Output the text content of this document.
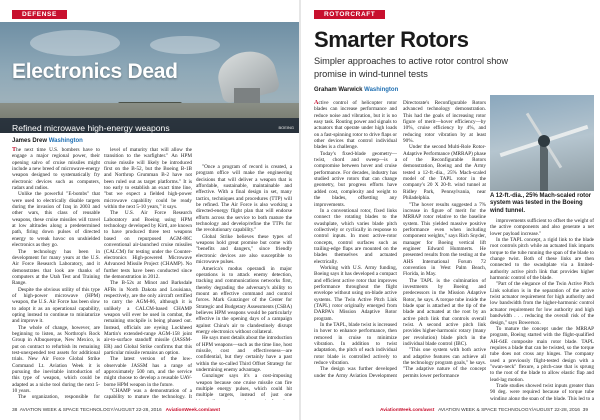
Electronics Dead

Refined microwave high-energy weapons	BOEING
DEFENSE
James Drew Washington

The next time U.S. bombers have to engage a major regional power, their opening salvo of cruise missiles might include a new breed of microwave-energy weapon designed to systematically fry electronic devices such as computers, radars and radios.

Unlike the powerful "E-bombs" that were used to electrically disable targets during the invasion of Iraq in 2003 and other wars, this class of reusable weapons, these cruise missiles will travel at low altitudes along a predetermined path, firing down pulses of directed energy to wreak havoc on unshielded electronics as they go.

The technology has been in development for many years at the U.S. Air Force Research Laboratory, and it demonstrates that look are thanks of computers at the Utah Test and Training Range.

Despite the obvious utility of this type of high-power microwave (HPM) weapon, the U.S. Air Force has been slow to adopt it as an operational capability, opting instead to continue to miniaturize and improve it.

The whole of change, however, are beginning to listen, as Northrop's Rock Group in Albuquerque, New Mexico, is put on contract to refurbish its remaining test-unexpended test assets for additional trials. New Air Force Global Strike Command Lt. Aviation Week it is pursuing the inevitable introduction of this type of weapon, which could be adapted as a niche tool during the next 5-10 years.

The organization, responsible for

level of maturity that will allow the transition to the warfighter." An HPM cruise missile will likely be introduced first on the B-52, but the Boeing B-1B and Northrop Grumman B-2 have not been ruled out as target platforms." It is too early to establish an exact time line, "but we expect a fielded high-power microwave capability could be ready within the next 5-10 years," it says.

The U.S. Air Force Research Laboratory and Boeing using HPM technology developed by Kirtl, are known to have produced three test weapons based on repurposed AGM-86C conventional air-launched cruise missiles (CALCM) for testing under the Counter-electronics High-powered Microwave Advanced Missile Project (CHAMP). No further tests have been conducted since the demonstration in 2012.

The B-52s at Minot and Barksdale AFBs in North Dakota and Louisiana, respectively, are the only aircraft certified to carry the AGM-86, although it is unlikely a CALCM-based CHAMP weapon will ever be used in combat, the remaining stockpile is being phased out. Instead, officials are eyeing Lockheed Martin's extended-range AGM-158 joint air-to-surface standoff missile (JASSM-ER) and Global Strike confirms that this particular missile remains an option.

The latest version of the low-observable JASSM has a range of approximately 500 nm, and the service might choose to develop a reusable UAV-borne HPM weapon in the future.

"CHAMP was a demonstration of a capability to mature the technology. It

"Once a program of record is created, a program office will make the engineering decisions that will deliver a weapon that is affordable, sustainable, maintainable and effective. With a final design in set, many tactics, techniques and procedures (TTP) will be refined. The Air Force is also working a directed-energy flight plan that will endorse efforts across the service to both mature the technology and develop/refine the TTPs for the revolutionary capability."

Global Strike believes these types of weapons hold great promise but come with "benefits and dangers," since friendly electronic devices are also susceptible to microwave pulses.

America's modus operandi in major operations is to attack enemy detection, tracking and communications networks first, thereby degrading the adversary's ability to mount an effective command and control forces. Mark Gunzinger of the Center for Strategic and Budgetary Assessments (CSBA) believes HPM weapons would be particularly effective in the opening days of a campaign against China's air to clandestinely disrupt energy electronics without collateral.

He says most details about the introduction of HPM weapons—such as the time line, host missile, cost and effectiveness—are confidential, but they certainly have a past within the so-called Third Offset Strategy for undermining enemy advantage.

Gunzinger says it's a cost-imposing weapon because one cruise missile can fire multiple energy pulses, which could hit multiple targets, instead of just one

38 AVIATION WEEK & SPACE TECHNOLOGY/AUGUST 22-28, 2016 AviationWeek.com/awst
ROTORCRAFT
Smarter Rotors
Simpler approaches to active rotor control show promise in wind-tunnel tests
Graham Warwick Washington

Active control of helicopter rotor blades can increase performance and reduce noise and vibration, but it is no easy task. Routing power and signals to actuators that operate under high loads on a fast-spinning rotor to drive flaps or other devices that control individual blades is a challenge.

Today's fixed-blade geometry—twist, chord and sweep—is a compromise between hover and cruise performance. For decades, industry has studied active rotors that can change geometry, but progress efforts have added cost, complexity and weight to the blades, offsetting any improvements.

In a conventional rotor, fixed links connect the rotating blades to the swashplate, which varies blade pitch collectively or cyclically in response to control inputs. In most active-rotor concepts, control surfaces such as trailing-edge flaps are mounted on the blades themselves and actuated electrically.

Working with U.S. Army funding, Boeing says it has developed a compact and efficient active rotor that improves performance throughout the flight envelope without using on-blade active systems. The Twin Active Pitch Link (TAPL) rotor originally emerged from DARPA's Mission Adaptive Rotor program.

In the TAPL, blade twist is increased in hover to enhance performance, then removed in cruise to minimize vibration. In addition to twist adaptation, the pitch of each individual rotor blade is controlled actively to reduce vibration.

The design was further developed under the Army Aviation Development Directorate's Reconfigurable Rotors advanced technology demonstration. This had the goals of increasing rotor figure of merit—hover efficiency—by 10%, cruise efficiency by 4%, and reducing rotor vibration by at least 90%.

Under the second Multi-Role Rotor-Adaptive Performance (MRRAP) phase of the Reconfigurable Rotors demonstration, Boeing and the Army tested a 12-ft.-dia., 25% Mach-scaled model of the TAPL rotor in the company's 20 X 20-ft. wind tunnel at Ridley Park, Pennsylvania, near Philadelphia.

"The hover results suggested a 7% increase in figure of merit for the MRRAP rotor relative to the baseline system. This yielded massive positive performance even when including component weights," says Rich Snyder, manager for Boeing vertical lift engineer Edward Hummerts. He presented results from the testing at the AHS International Forum 72 convention in West Palm Beach, Florida, in May.

The TAPL is the culmination of investments by Boeing and predecessors in the Mission Adaptive Rotor, he says. A torque tube inside the blade spar is attached at the tip of the blade and actuated at the root by an active pitch link that controls overall twist. A second active pitch link provides higher-harmonic rotary (many per revolution) blade pitch in the individual blade control (IBC).

"This one system with both active and adaptive features can achieve all the technology program goals," he says. "The adaptive nature of the concept permits lower performance

A 12-ft.-dia., 25% Mach-scaled rotor system was tested in the Boeing wind tunnel.

improvements sufficient to offset the weight of the active components and also generate a net lower payload increase."

In the TAPL concept, a rigid link to the blade root controls pitch while an actuated link imparts torque to the tube running the span of the blade to change twist. Both of these links are then connected to the swashplate via a limited-authority active pitch link that provides higher harmonic control of the blade.

"Part of the elegance of the Twin Active Pitch Link solution is in the separation of the active twist actuator requirement for high authority and low bandwidth from the higher-harmonic control actuator requirement for low authority and high bandwidth . . . reducing the overall risk of the design," says Bowersox.

To mature the concept under the MRRAP program, Boeing started with the flight-qualified AH-64E composite main rotor blade. TAPL requires a blade that can be twisted, so the torque tube does not cross any hinges. The company used a previously flight-tested design with a "swan-neck" flexure, a pitch-case that is sprung to the root of the blade to allow elastic flap and lead-lag motion.

Trade studies showed twist inputs greater than 90 deg. were required because of torque tube winding along the span of the blade. This led to a

AviationWeek.com/awst AVIATION WEEK & SPACE TECHNOLOGY/AUGUST 22-28, 2016 39
